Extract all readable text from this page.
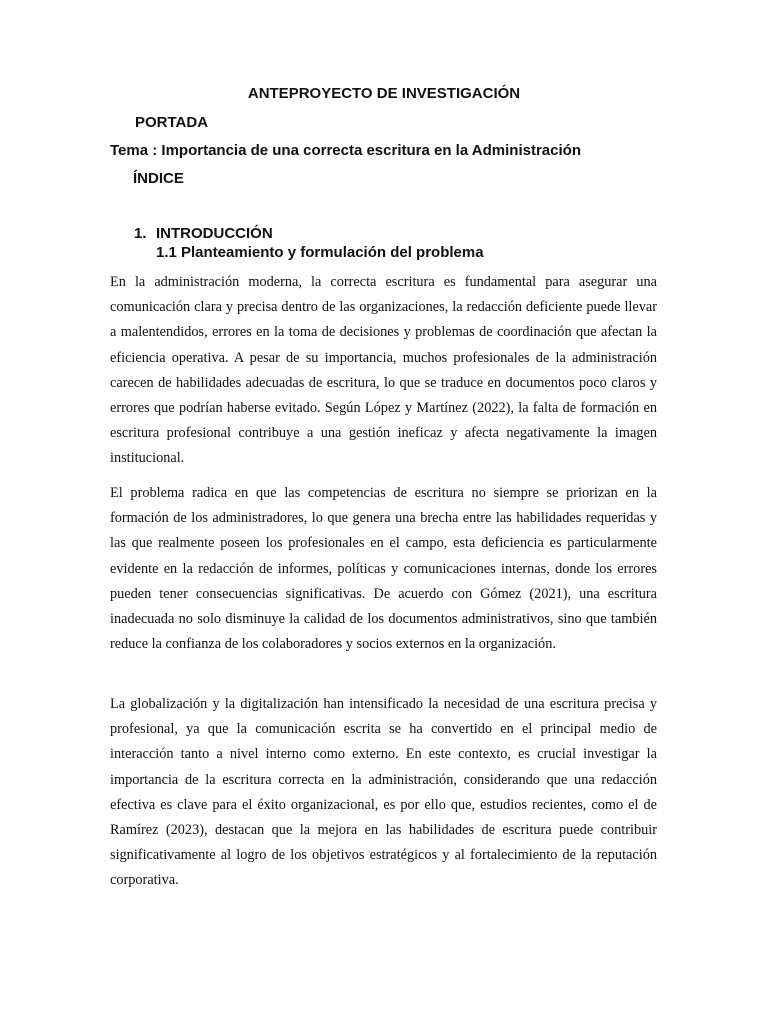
ANTEPROYECTO DE INVESTIGACIÓN
PORTADA
Tema : Importancia de una correcta escritura en la Administración
ÍNDICE
1. INTRODUCCIÓN
1.1 Planteamiento y formulación del problema

En la administración moderna, la correcta escritura es fundamental para asegurar una comunicación clara y precisa dentro de las organizaciones, la redacción deficiente puede llevar a malentendidos, errores en la toma de decisiones y problemas de coordinación que afectan la eficiencia operativa. A pesar de su importancia, muchos profesionales de la administración carecen de habilidades adecuadas de escritura, lo que se traduce en documentos poco claros y errores que podrían haberse evitado. Según López y Martínez (2022), la falta de formación en escritura profesional contribuye a una gestión ineficaz y afecta negativamente la imagen institucional.

El problema radica en que las competencias de escritura no siempre se priorizan en la formación de los administradores, lo que genera una brecha entre las habilidades requeridas y las que realmente poseen los profesionales en el campo, esta deficiencia es particularmente evidente en la redacción de informes, políticas y comunicaciones internas, donde los errores pueden tener consecuencias significativas. De acuerdo con Gómez (2021), una escritura inadecuada no solo disminuye la calidad de los documentos administrativos, sino que también reduce la confianza de los colaboradores y socios externos en la organización.

La globalización y la digitalización han intensificado la necesidad de una escritura precisa y profesional, ya que la comunicación escrita se ha convertido en el principal medio de interacción tanto a nivel interno como externo. En este contexto, es crucial investigar la importancia de la escritura correcta en la administración, considerando que una redacción efectiva es clave para el éxito organizacional, es por ello que, estudios recientes, como el de Ramírez (2023), destacan que la mejora en las habilidades de escritura puede contribuir significativamente al logro de los objetivos estratégicos y al fortalecimiento de la reputación corporativa.
